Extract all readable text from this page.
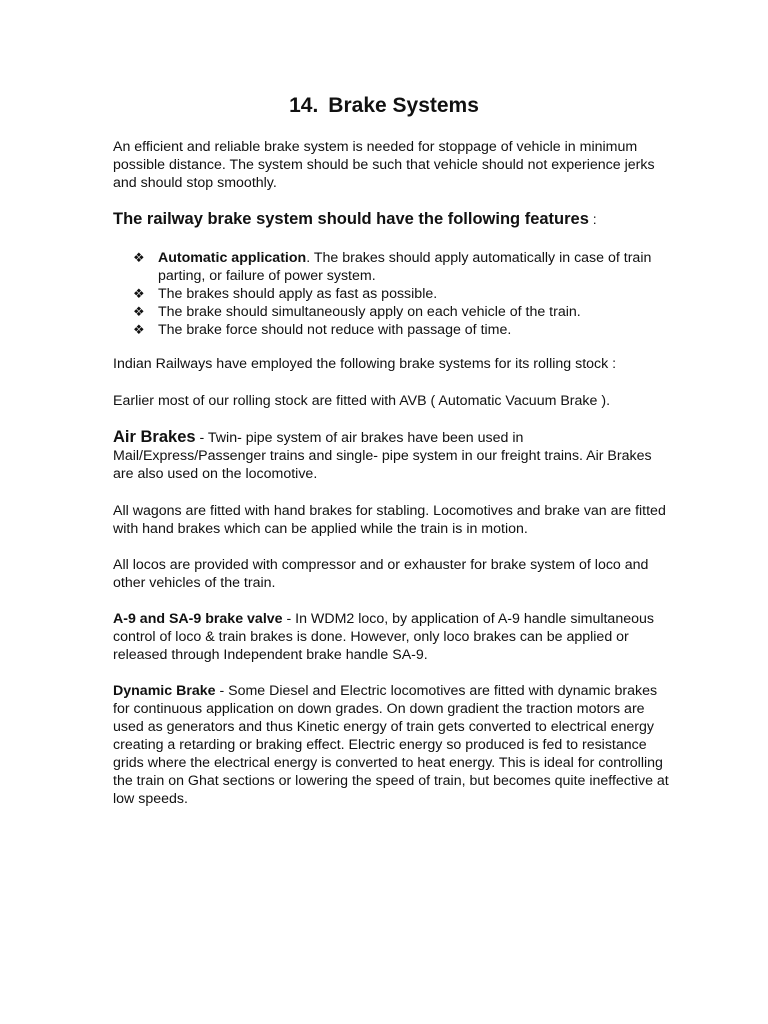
14. Brake Systems

An efficient and reliable brake system is needed for stoppage of vehicle in minimum possible distance. The system should be such that vehicle should not experience jerks and should stop smoothly.

The railway brake system should have the following features :
❖ Automatic application. The brakes should apply automatically in case of train parting, or failure of power system.
❖ The brakes should apply as fast as possible.
❖ The brake should simultaneously apply on each vehicle of the train.
❖ The brake force should not reduce with passage of time.

Indian Railways have employed the following brake systems for its rolling stock :

Earlier most of our rolling stock are fitted with AVB ( Automatic Vacuum Brake ).

Air Brakes - Twin- pipe system of air brakes have been used in Mail/Express/Passenger trains and single- pipe system in our freight trains. Air Brakes are also used on the locomotive.

All wagons are fitted with hand brakes for stabling. Locomotives and brake van are fitted with hand brakes which can be applied while the train is in motion.

All locos are provided with compressor and or exhauster for brake system of loco and other vehicles of the train.

A-9 and SA-9 brake valve - In WDM2 loco, by application of A-9 handle simultaneous control of loco & train brakes is done. However, only loco brakes can be applied or released through Independent brake handle SA-9.

Dynamic Brake - Some Diesel and Electric locomotives are fitted with dynamic brakes for continuous application on down grades. On down gradient the traction motors are used as generators and thus Kinetic energy of train gets converted to electrical energy creating a retarding or braking effect. Electric energy so produced is fed to resistance grids where the electrical energy is converted to heat energy. This is ideal for controlling the train on Ghat sections or lowering the speed of train, but becomes quite ineffective at low speeds.
